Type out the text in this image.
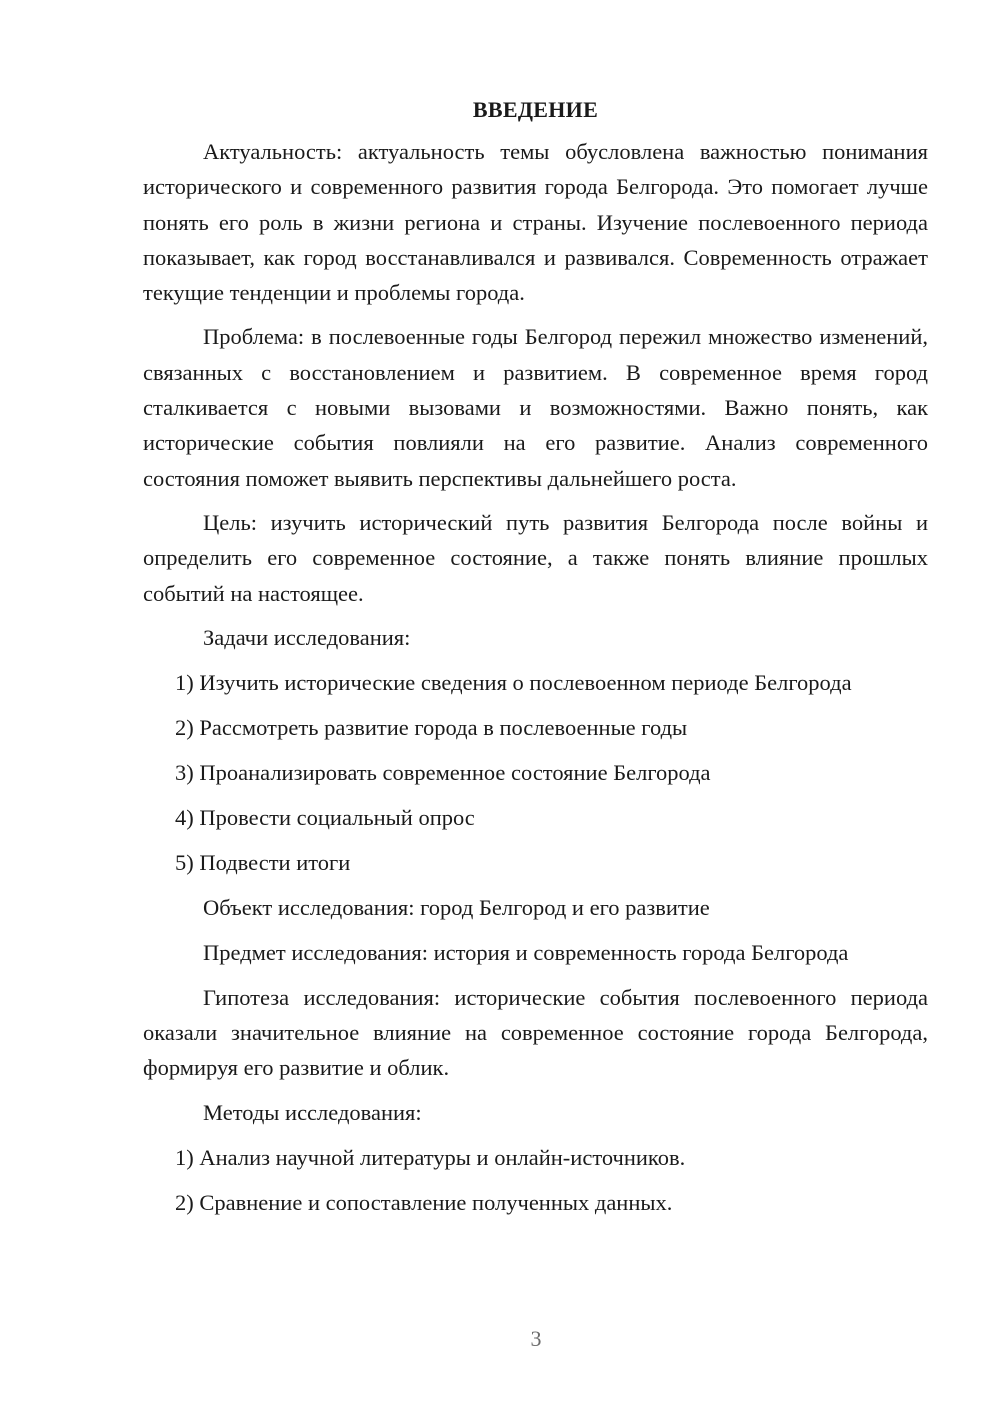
ВВЕДЕНИЕ

Актуальность: актуальность темы обусловлена важностью понимания исторического и современного развития города Белгорода. Это помогает лучше понять его роль в жизни региона и страны. Изучение послевоенного периода показывает, как город восстанавливался и развивался. Современность отражает текущие тенденции и проблемы города.

Проблема: в послевоенные годы Белгород пережил множество изменений, связанных с восстановлением и развитием. В современное время город сталкивается с новыми вызовами и возможностями. Важно понять, как исторические события повлияли на его развитие. Анализ современного состояния поможет выявить перспективы дальнейшего роста.

Цель: изучить исторический путь развития Белгорода после войны и определить его современное состояние, а также понять влияние прошлых событий на настоящее.

Задачи исследования:
1) Изучить исторические сведения о послевоенном периоде Белгорода
2) Рассмотреть развитие города в послевоенные годы
3) Проанализировать современное состояние Белгорода
4) Провести социальный опрос
5) Подвести итоги
Объект исследования: город Белгород и его развитие
Предмет исследования: история и современность города Белгорода

Гипотеза исследования: исторические события послевоенного периода оказали значительное влияние на современное состояние города Белгорода, формируя его развитие и облик.

Методы исследования:
1) Анализ научной литературы и онлайн-источников.
2) Сравнение и сопоставление полученных данных.
3
